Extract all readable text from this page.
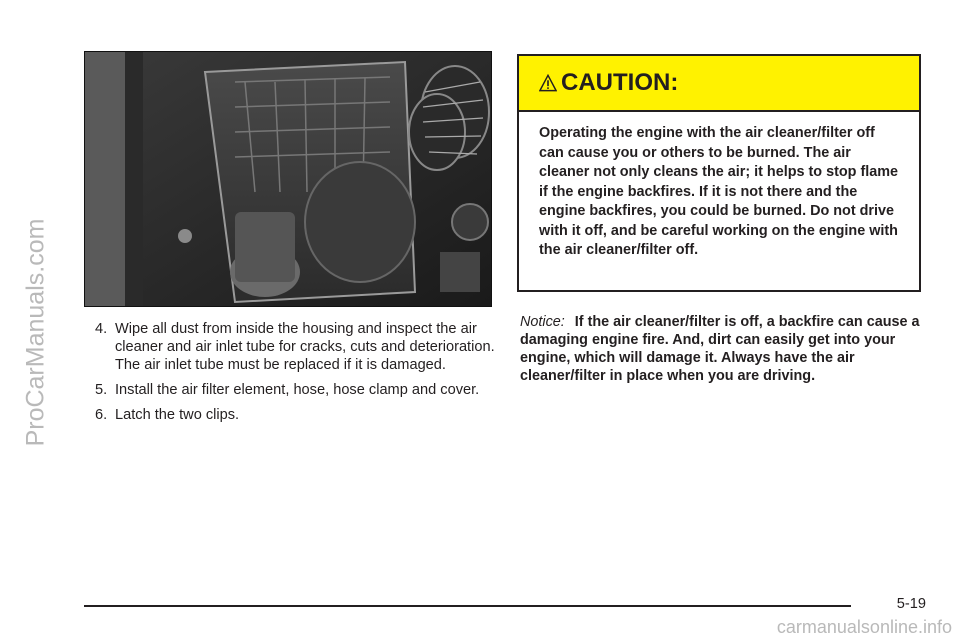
ProCarManuals.com	4. Wipe all dust from inside the housing and inspect the air cleaner and air inlet tube for cracks, cuts and deterioration. The air inlet tube must be replaced if it is damaged.
5. Install the air filter element, hose, hose clamp and cover.
6. Latch the two clips.
CAUTION:
Operating the engine with the air cleaner/filter off can cause you or others to be burned. The air cleaner not only cleans the air; it helps to stop flame if the engine backfires. If it is not there and the engine backfires, you could be burned. Do not drive with it off, and be careful working on the engine with the air cleaner/filter off.
Notice: If the air cleaner/filter is off, a backfire can cause a damaging engine fire. And, dirt can easily get into your engine, which will damage it. Always have the air cleaner/filter in place when you are driving.
5-19
carmanualsonline.info
